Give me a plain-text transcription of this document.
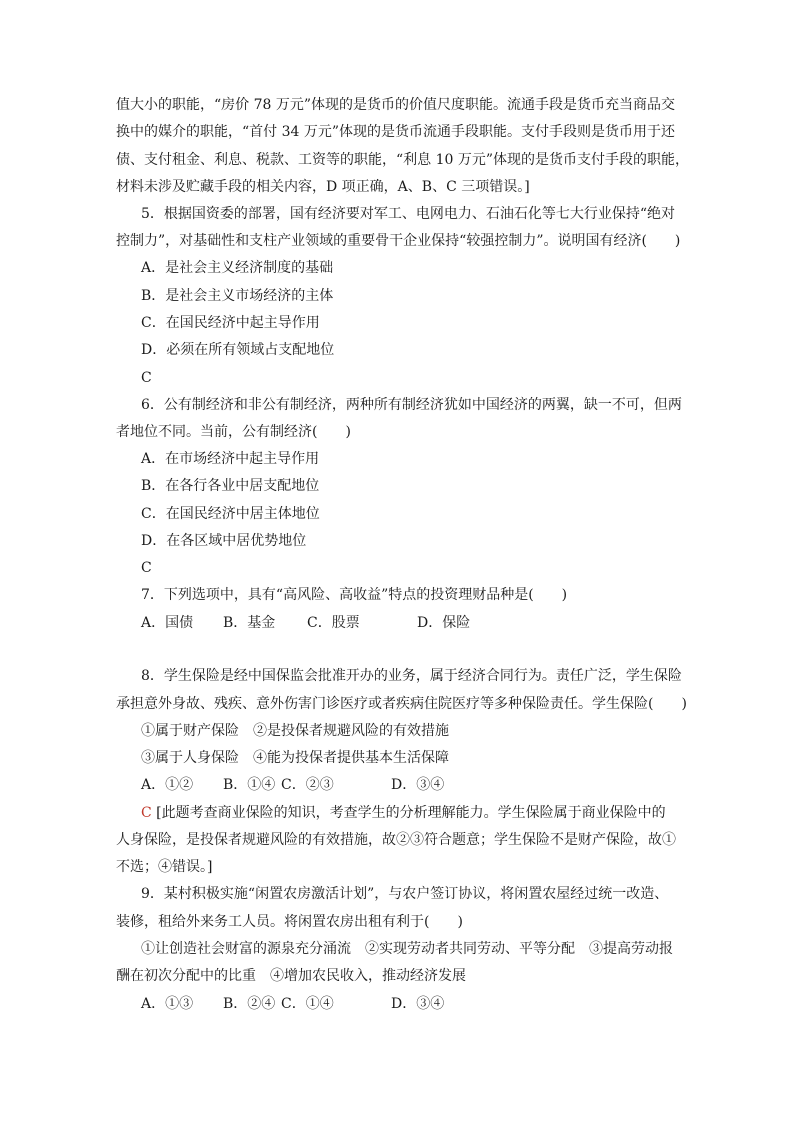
值大小的职能，“房价 78 万元”体现的是货币的价值尺度职能。流通手段是货币充当商品交
换中的媒介的职能，“首付 34 万元”体现的是货币流通手段职能。支付手段则是货币用于还
债、支付租金、利息、税款、工资等的职能，“利息 10 万元”体现的是货币支付手段的职能，
材料未涉及贮藏手段的相关内容，D 项正确，A、B、C 三项错误。]
5．根据国资委的部署，国有经济要对军工、电网电力、石油石化等七大行业保持“绝对
控制力”，对基础性和支柱产业领域的重要骨干企业保持“较强控制力”。说明国有经济(　　)
A．是社会主义经济制度的基础
B．是社会主义市场经济的主体
C．在国民经济中起主导作用
D．必须在所有领域占支配地位
C
6．公有制经济和非公有制经济，两种所有制经济犹如中国经济的两翼，缺一不可，但两
者地位不同。当前，公有制经济(　　)
A．在市场经济中起主导作用
B．在各行各业中居支配地位
C．在国民经济中居主体地位
D．在各区域中居优势地位
C
7．下列选项中，具有“高风险、高收益”特点的投资理财品种是(　　)
A．国债 B．基金 C．股票	D．保险
8．学生保险是经中国保监会批准开办的业务，属于经济合同行为。责任广泛，学生保险
承担意外身故、残疾、意外伤害门诊医疗或者疾病住院医疗等多种保险责任。学生保险(　　)
①属于财产保险　②是投保者规避风险的有效措施
③属于人身保险　④能为投保者提供基本生活保障
A．①② B．①④ C．②③	D．③④
C [此题考查商业保险的知识，考查学生的分析理解能力。学生保险属于商业保险中的
人身保险，是投保者规避风险的有效措施，故②③符合题意；学生保险不是财产保险，故①
不选；④错误。]
9．某村积极实施“闲置农房激活计划”，与农户签订协议，将闲置农屋经过统一改造、
装修，租给外来务工人员。将闲置农房出租有利于(　　)
①让创造社会财富的源泉充分涌流　②实现劳动者共同劳动、平等分配　③提高劳动报
酬在初次分配中的比重　④增加农民收入，推动经济发展
A．①③ B．②④ C．①④	D．③④
